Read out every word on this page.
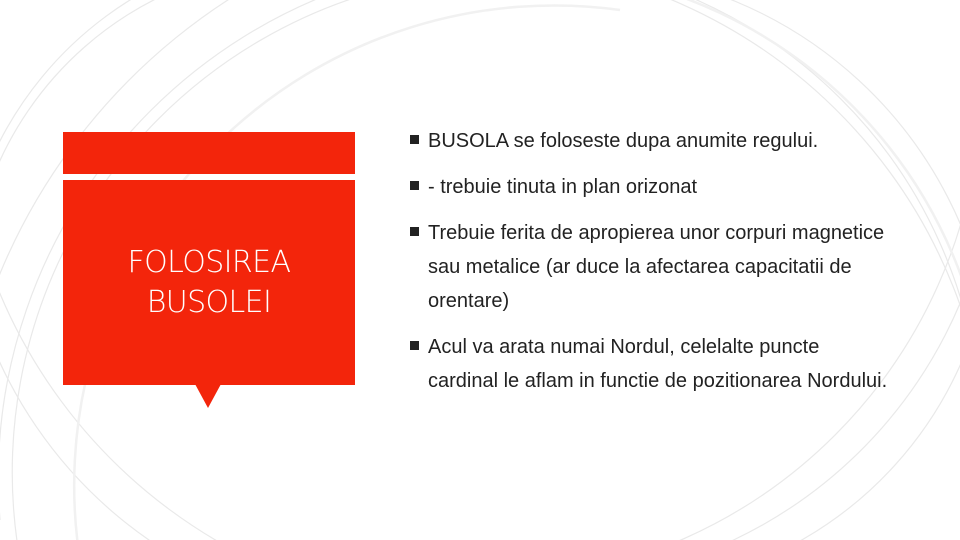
FOLOSIREA
BUSOLEI

BUSOLA se foloseste dupa anumite regului.
- trebuie tinuta in plan orizonat
Trebuie ferita de apropierea unor corpuri magnetice sau metalice (ar duce la afectarea capacitatii de orentare)
Acul va arata numai Nordul, celelalte puncte cardinal le aflam in functie de pozitionarea Nordului.
